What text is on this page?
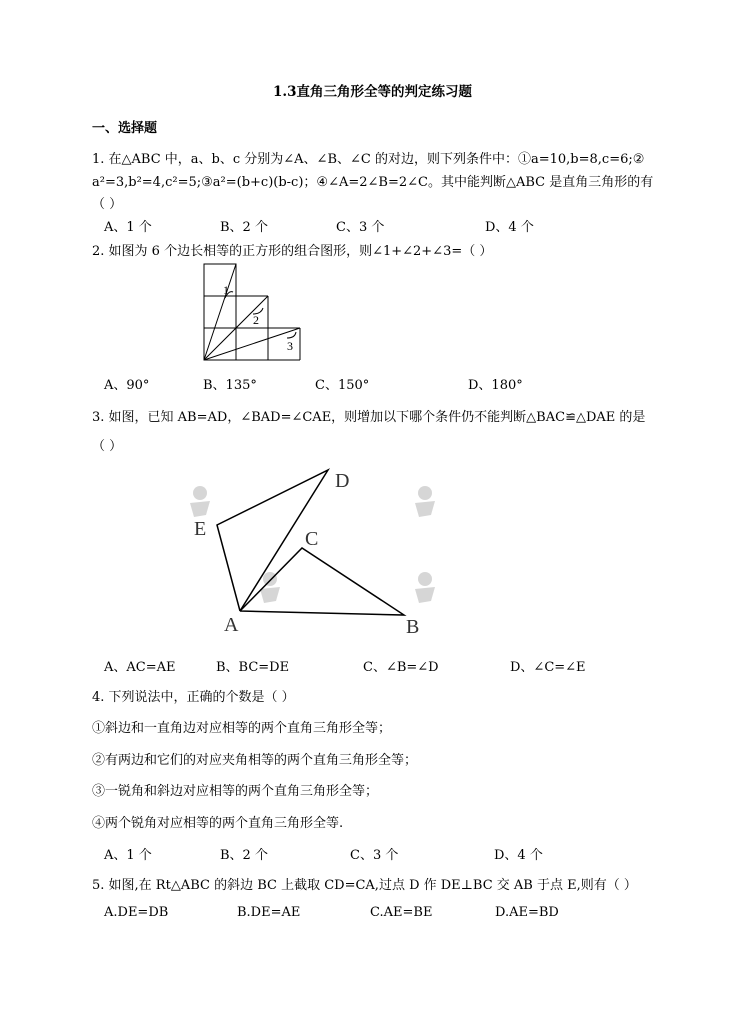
1.3直角三角形全等的判定练习题
一、选择题
1. 在△ABC 中，a、b、c 分别为∠A、∠B、∠C 的对边，则下列条件中：①a=10,b=8,c=6;②
a²=3,b²=4,c²=5;③a²=(b+c)(b-c)；④∠A=2∠B=2∠C。其中能判断△ABC 是直角三角形的有
（ ）
A、1 个	B、2 个	C、3 个	D、4 个
2. 如图为 6 个边长相等的正方形的组合图形，则∠1+∠2+∠3=（ ）
1
2
3
A、90°	B、135°	C、150°	D、180°
3. 如图，已知 AB=AD，∠BAD=∠CAE，则增加以下哪个条件仍不能判断△BAC≌△DAE 的是
（ ）
D
E	C
A	B
A、AC=AE	B、BC=DE	C、∠B=∠D	D、∠C=∠E
4. 下列说法中，正确的个数是（ ）
①斜边和一直角边对应相等的两个直角三角形全等；
②有两边和它们的对应夹角相等的两个直角三角形全等；
③一锐角和斜边对应相等的两个直角三角形全等；
④两个锐角对应相等的两个直角三角形全等.
A、1 个	B、2 个	C、3 个	D、4 个
5. 如图,在 Rt△ABC 的斜边 BC 上截取 CD=CA,过点 D 作 DE⊥BC 交 AB 于点 E,则有（ ）
A.DE=DB	B.DE=AE	C.AE=BE	D.AE=BD
